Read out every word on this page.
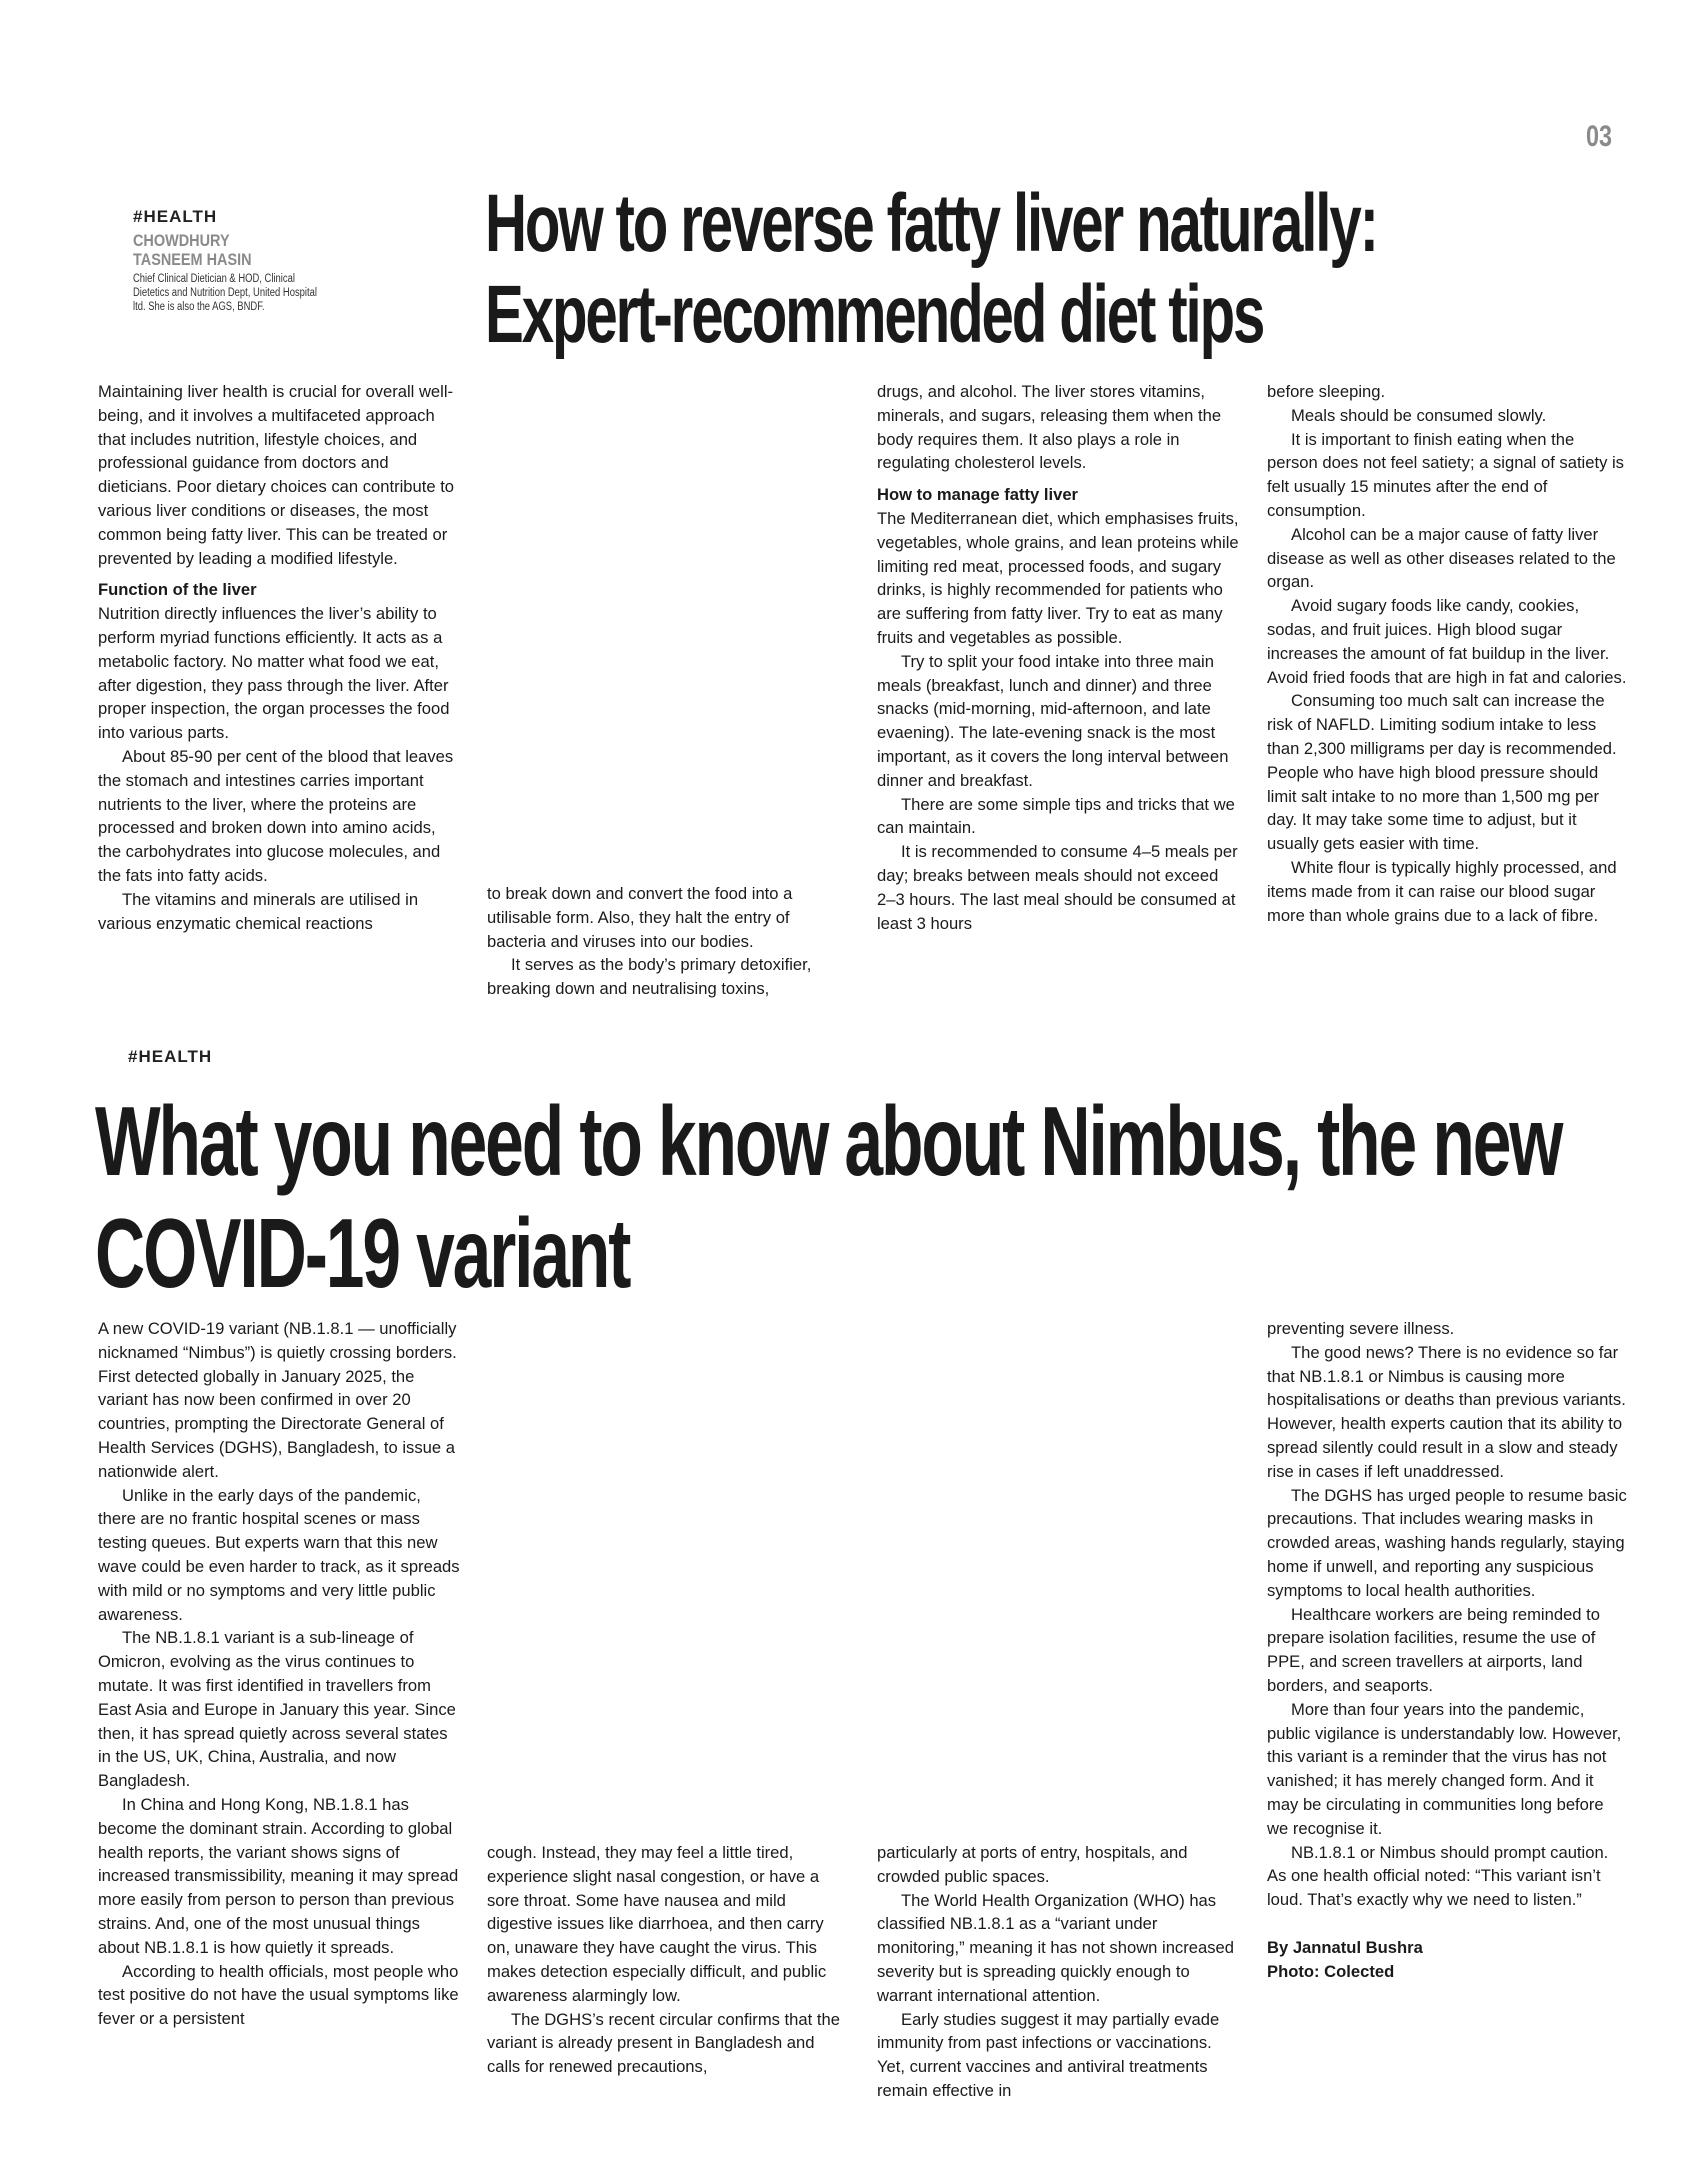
03
#HEALTH
CHOWDHURY
TASNEEM HASIN
Chief Clinical Dietician & HOD, Clinical Dietetics and Nutrition Dept, United Hospital ltd. She is also the AGS, BNDF.
How to reverse fatty liver naturally:
Expert-recommended diet tips

Maintaining liver health is crucial for overall well-being, and it involves a multifaceted approach that includes nutrition, lifestyle choices, and professional guidance from doctors and dieticians. Poor dietary choices can contribute to various liver conditions or diseases, the most common being fatty liver. This can be treated or prevented by leading a modified lifestyle.

Function of the liver

Nutrition directly influences the liver’s ability to perform myriad functions efficiently. It acts as a metabolic factory. No matter what food we eat, after digestion, they pass through the liver. After proper inspection, the organ processes the food into various parts.

About 85-90 per cent of the blood that leaves the stomach and intestines carries important nutrients to the liver, where the proteins are processed and broken down into amino acids, the carbohydrates into glucose molecules, and the fats into fatty acids.

The vitamins and minerals are utilised in various enzymatic chemical reactions

to break down and convert the food into a utilisable form. Also, they halt the entry of bacteria and viruses into our bodies.

It serves as the body’s primary detoxifier, breaking down and neutralising toxins,

drugs, and alcohol. The liver stores vitamins, minerals, and sugars, releasing them when the body requires them. It also plays a role in regulating cholesterol levels.

How to manage fatty liver

The Mediterranean diet, which emphasises fruits, vegetables, whole grains, and lean proteins while limiting red meat, processed foods, and sugary drinks, is highly recommended for patients who are suffering from fatty liver. Try to eat as many fruits and vegetables as possible.

Try to split your food intake into three main meals (breakfast, lunch and dinner) and three snacks (mid-morning, mid-afternoon, and late evaening). The late-evening snack is the most important, as it covers the long interval between dinner and breakfast.

There are some simple tips and tricks that we can maintain.

It is recommended to consume 4–5 meals per day; breaks between meals should not exceed 2–3 hours. The last meal should be consumed at least 3 hours

before sleeping.

Meals should be consumed slowly.

It is important to finish eating when the person does not feel satiety; a signal of satiety is felt usually 15 minutes after the end of consumption.

Alcohol can be a major cause of fatty liver disease as well as other diseases related to the organ.

Avoid sugary foods like candy, cookies, sodas, and fruit juices. High blood sugar increases the amount of fat buildup in the liver. Avoid fried foods that are high in fat and calories.

Consuming too much salt can increase the risk of NAFLD. Limiting sodium intake to less than 2,300 milligrams per day is recommended. People who have high blood pressure should limit salt intake to no more than 1,500 mg per day. It may take some time to adjust, but it usually gets easier with time.

White flour is typically highly processed, and items made from it can raise our blood sugar more than whole grains due to a lack of fibre.

#HEALTH
What you need to know about Nimbus, the new
COVID-19 variant

A new COVID-19 variant (NB.1.8.1 — unofficially nicknamed “Nimbus”) is quietly crossing borders. First detected globally in January 2025, the variant has now been confirmed in over 20 countries, prompting the Directorate General of Health Services (DGHS), Bangladesh, to issue a nationwide alert.

Unlike in the early days of the pandemic, there are no frantic hospital scenes or mass testing queues. But experts warn that this new wave could be even harder to track, as it spreads with mild or no symptoms and very little public awareness.

The NB.1.8.1 variant is a sub-lineage of Omicron, evolving as the virus continues to mutate. It was first identified in travellers from East Asia and Europe in January this year. Since then, it has spread quietly across several states in the US, UK, China, Australia, and now Bangladesh.

In China and Hong Kong, NB.1.8.1 has become the dominant strain. According to global health reports, the variant shows signs of increased transmissibility, meaning it may spread more easily from person to person than previous strains. And, one of the most unusual things about NB.1.8.1 is how quietly it spreads.

According to health officials, most people who test positive do not have the usual symptoms like fever or a persistent

cough. Instead, they may feel a little tired, experience slight nasal congestion, or have a sore throat. Some have nausea and mild digestive issues like diarrhoea, and then carry on, unaware they have caught the virus. This makes detection especially difficult, and public awareness alarmingly low.

The DGHS’s recent circular confirms that the variant is already present in Bangladesh and calls for renewed precautions,

particularly at ports of entry, hospitals, and crowded public spaces.

The World Health Organization (WHO) has classified NB.1.8.1 as a “variant under monitoring,” meaning it has not shown increased severity but is spreading quickly enough to warrant international attention.

Early studies suggest it may partially evade immunity from past infections or vaccinations. Yet, current vaccines and antiviral treatments remain effective in

preventing severe illness.

The good news? There is no evidence so far that NB.1.8.1 or Nimbus is causing more hospitalisations or deaths than previous variants. However, health experts caution that its ability to spread silently could result in a slow and steady rise in cases if left unaddressed.

The DGHS has urged people to resume basic precautions. That includes wearing masks in crowded areas, washing hands regularly, staying home if unwell, and reporting any suspicious symptoms to local health authorities.

Healthcare workers are being reminded to prepare isolation facilities, resume the use of PPE, and screen travellers at airports, land borders, and seaports.

More than four years into the pandemic, public vigilance is understandably low. However, this variant is a reminder that the virus has not vanished; it has merely changed form. And it may be circulating in communities long before we recognise it.

NB.1.8.1 or Nimbus should prompt caution. As one health official noted: “This variant isn’t loud. That’s exactly why we need to listen.”

By Jannatul Bushra

Photo: Colected
